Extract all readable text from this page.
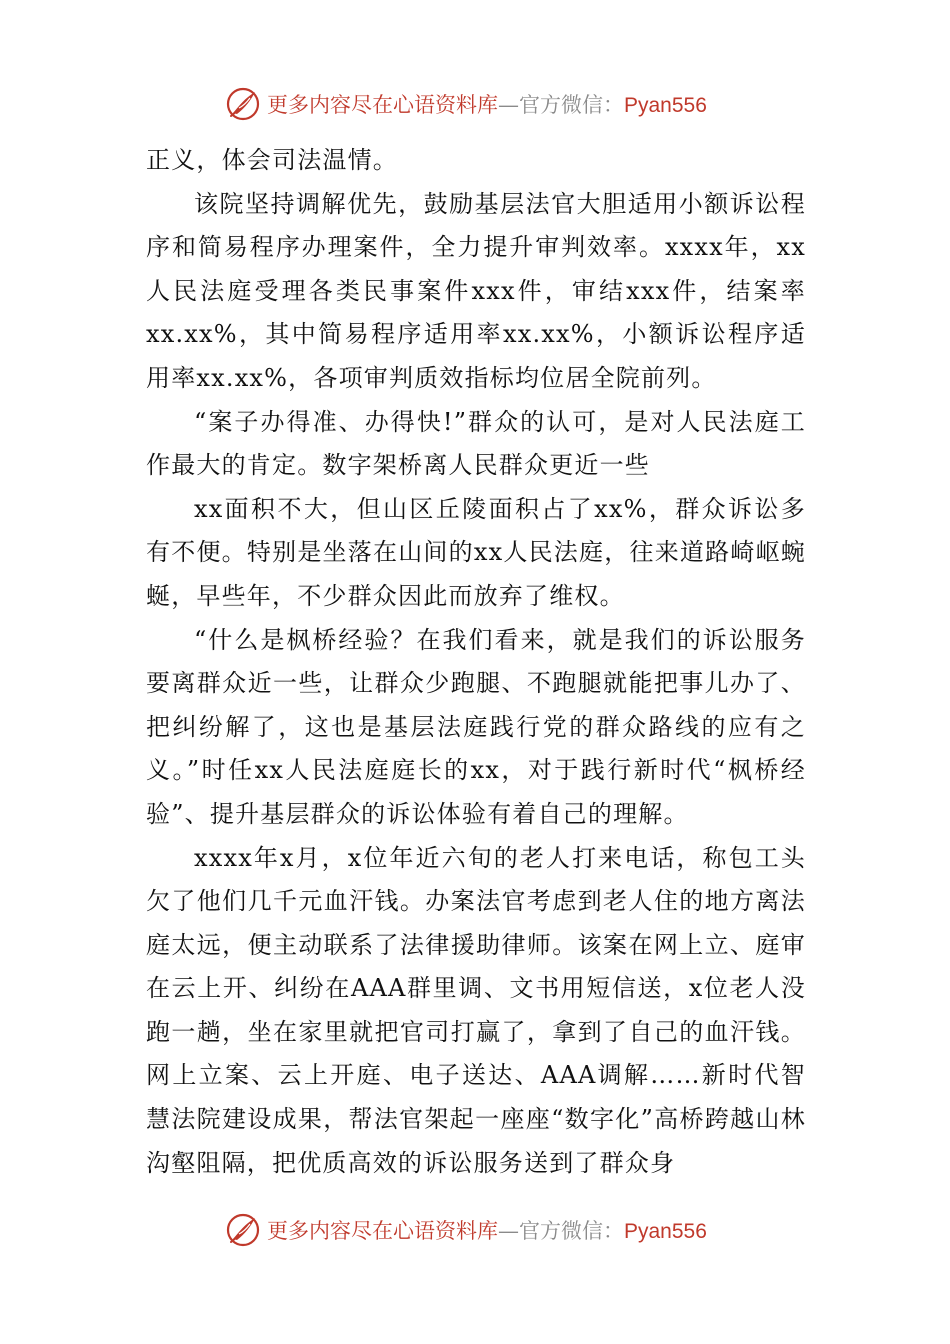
更多内容尽在心语资料库—官方微信：Pyan556

正义，体会司法温情。

该院坚持调解优先，鼓励基层法官大胆适用小额诉讼程序和简易程序办理案件，全力提升审判效率。xxxx年，xx人民法庭受理各类民事案件xxx件，审结xxx件，结案率xx.xx%，其中简易程序适用率xx.xx%，小额诉讼程序适用率xx.xx%，各项审判质效指标均位居全院前列。

“案子办得准、办得快!”群众的认可，是对人民法庭工作最大的肯定。数字架桥离人民群众更近一些

xx面积不大，但山区丘陵面积占了xx%，群众诉讼多有不便。特别是坐落在山间的xx人民法庭，往来道路崎岖蜿蜒，早些年，不少群众因此而放弃了维权。

“什么是枫桥经验？在我们看来，就是我们的诉讼服务要离群众近一些，让群众少跑腿、不跑腿就能把事儿办了、把纠纷解了，这也是基层法庭践行党的群众路线的应有之义。”时任xx人民法庭庭长的xx，对于践行新时代“枫桥经验”、提升基层群众的诉讼体验有着自己的理解。

xxxx年x月，x位年近六旬的老人打来电话，称包工头欠了他们几千元血汗钱。办案法官考虑到老人住的地方离法庭太远，便主动联系了法律援助律师。该案在网上立、庭审在云上开、纠纷在AAA群里调、文书用短信送，x位老人没跑一趟，坐在家里就把官司打赢了，拿到了自己的血汗钱。网上立案、云上开庭、电子送达、AAA调解……新时代智慧法院建设成果，帮法官架起一座座“数字化”高桥跨越山林沟壑阻隔，把优质高效的诉讼服务送到了群众身

更多内容尽在心语资料库—官方微信：Pyan556
